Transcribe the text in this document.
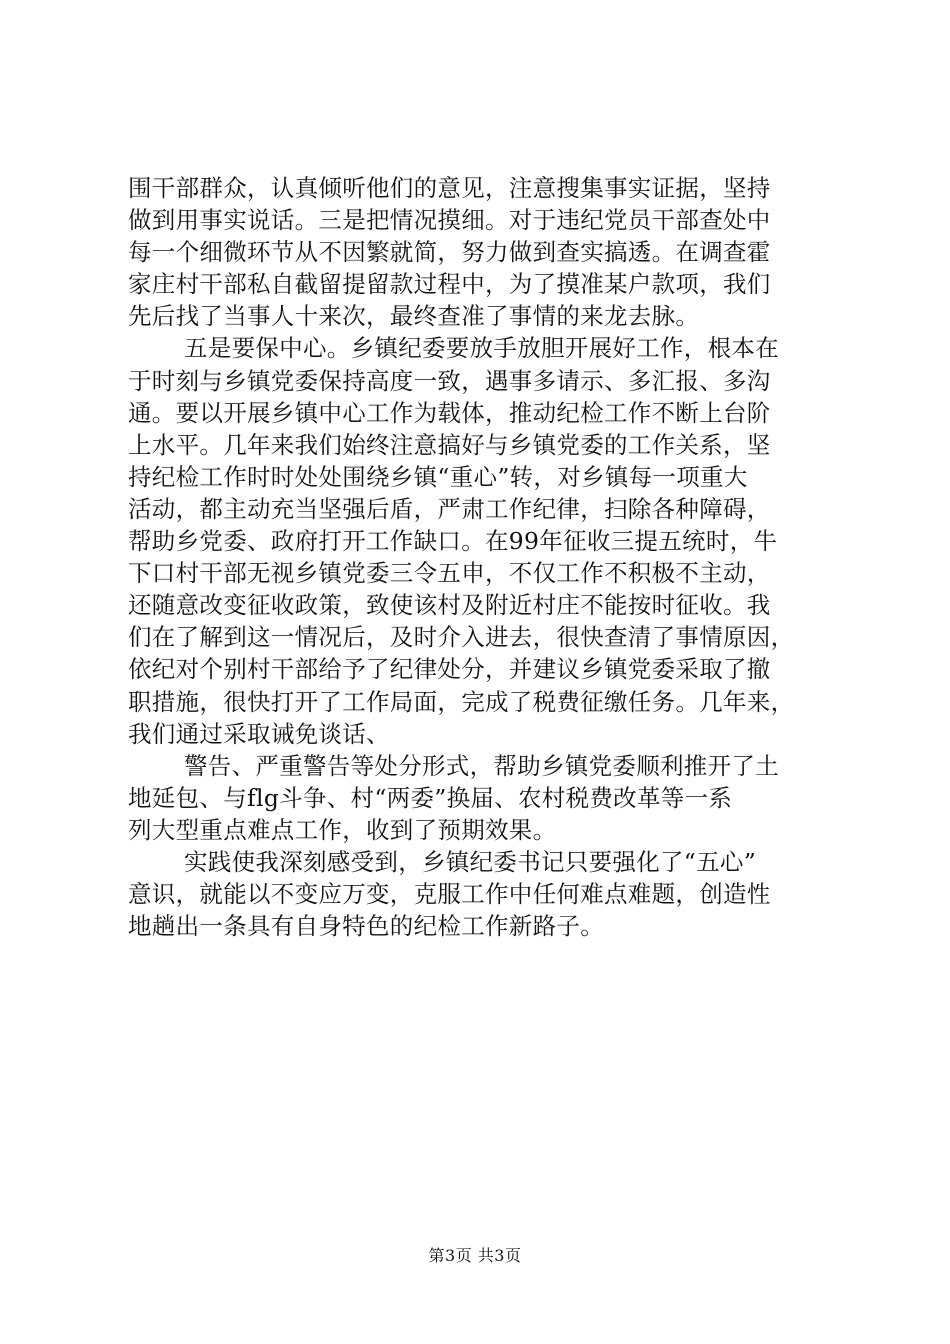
围干部群众，认真倾听他们的意见，注意搜集事实证据，坚持
做到用事实说话。三是把情况摸细。对于违纪党员干部查处中
每一个细微环节从不因繁就简，努力做到查实搞透。在调查霍
家庄村干部私自截留提留款过程中，为了摸准某户款项，我们
先后找了当事人十来次，最终查准了事情的来龙去脉。
五是要保中心。乡镇纪委要放手放胆开展好工作，根本在
于时刻与乡镇党委保持高度一致，遇事多请示、多汇报、多沟
通。要以开展乡镇中心工作为载体，推动纪检工作不断上台阶
上水平。几年来我们始终注意搞好与乡镇党委的工作关系，坚
持纪检工作时时处处围绕乡镇“重心”转，对乡镇每一项重大
活动，都主动充当坚强后盾，严肃工作纪律，扫除各种障碍，
帮助乡党委、政府打开工作缺口。在99年征收三提五统时，牛
下口村干部无视乡镇党委三令五申，不仅工作不积极不主动，
还随意改变征收政策，致使该村及附近村庄不能按时征收。我
们在了解到这一情况后，及时介入进去，很快查清了事情原因，
依纪对个别村干部给予了纪律处分，并建议乡镇党委采取了撤
职措施，很快打开了工作局面，完成了税费征缴任务。几年来，
我们通过采取诫免谈话、
警告、严重警告等处分形式，帮助乡镇党委顺利推开了土
地延包、与flg斗争、村“两委”换届、农村税费改革等一系
列大型重点难点工作，收到了预期效果。
实践使我深刻感受到，乡镇纪委书记只要强化了“五心”
意识，就能以不变应万变，克服工作中任何难点难题，创造性
地趟出一条具有自身特色的纪检工作新路子。
第3页 共3页
